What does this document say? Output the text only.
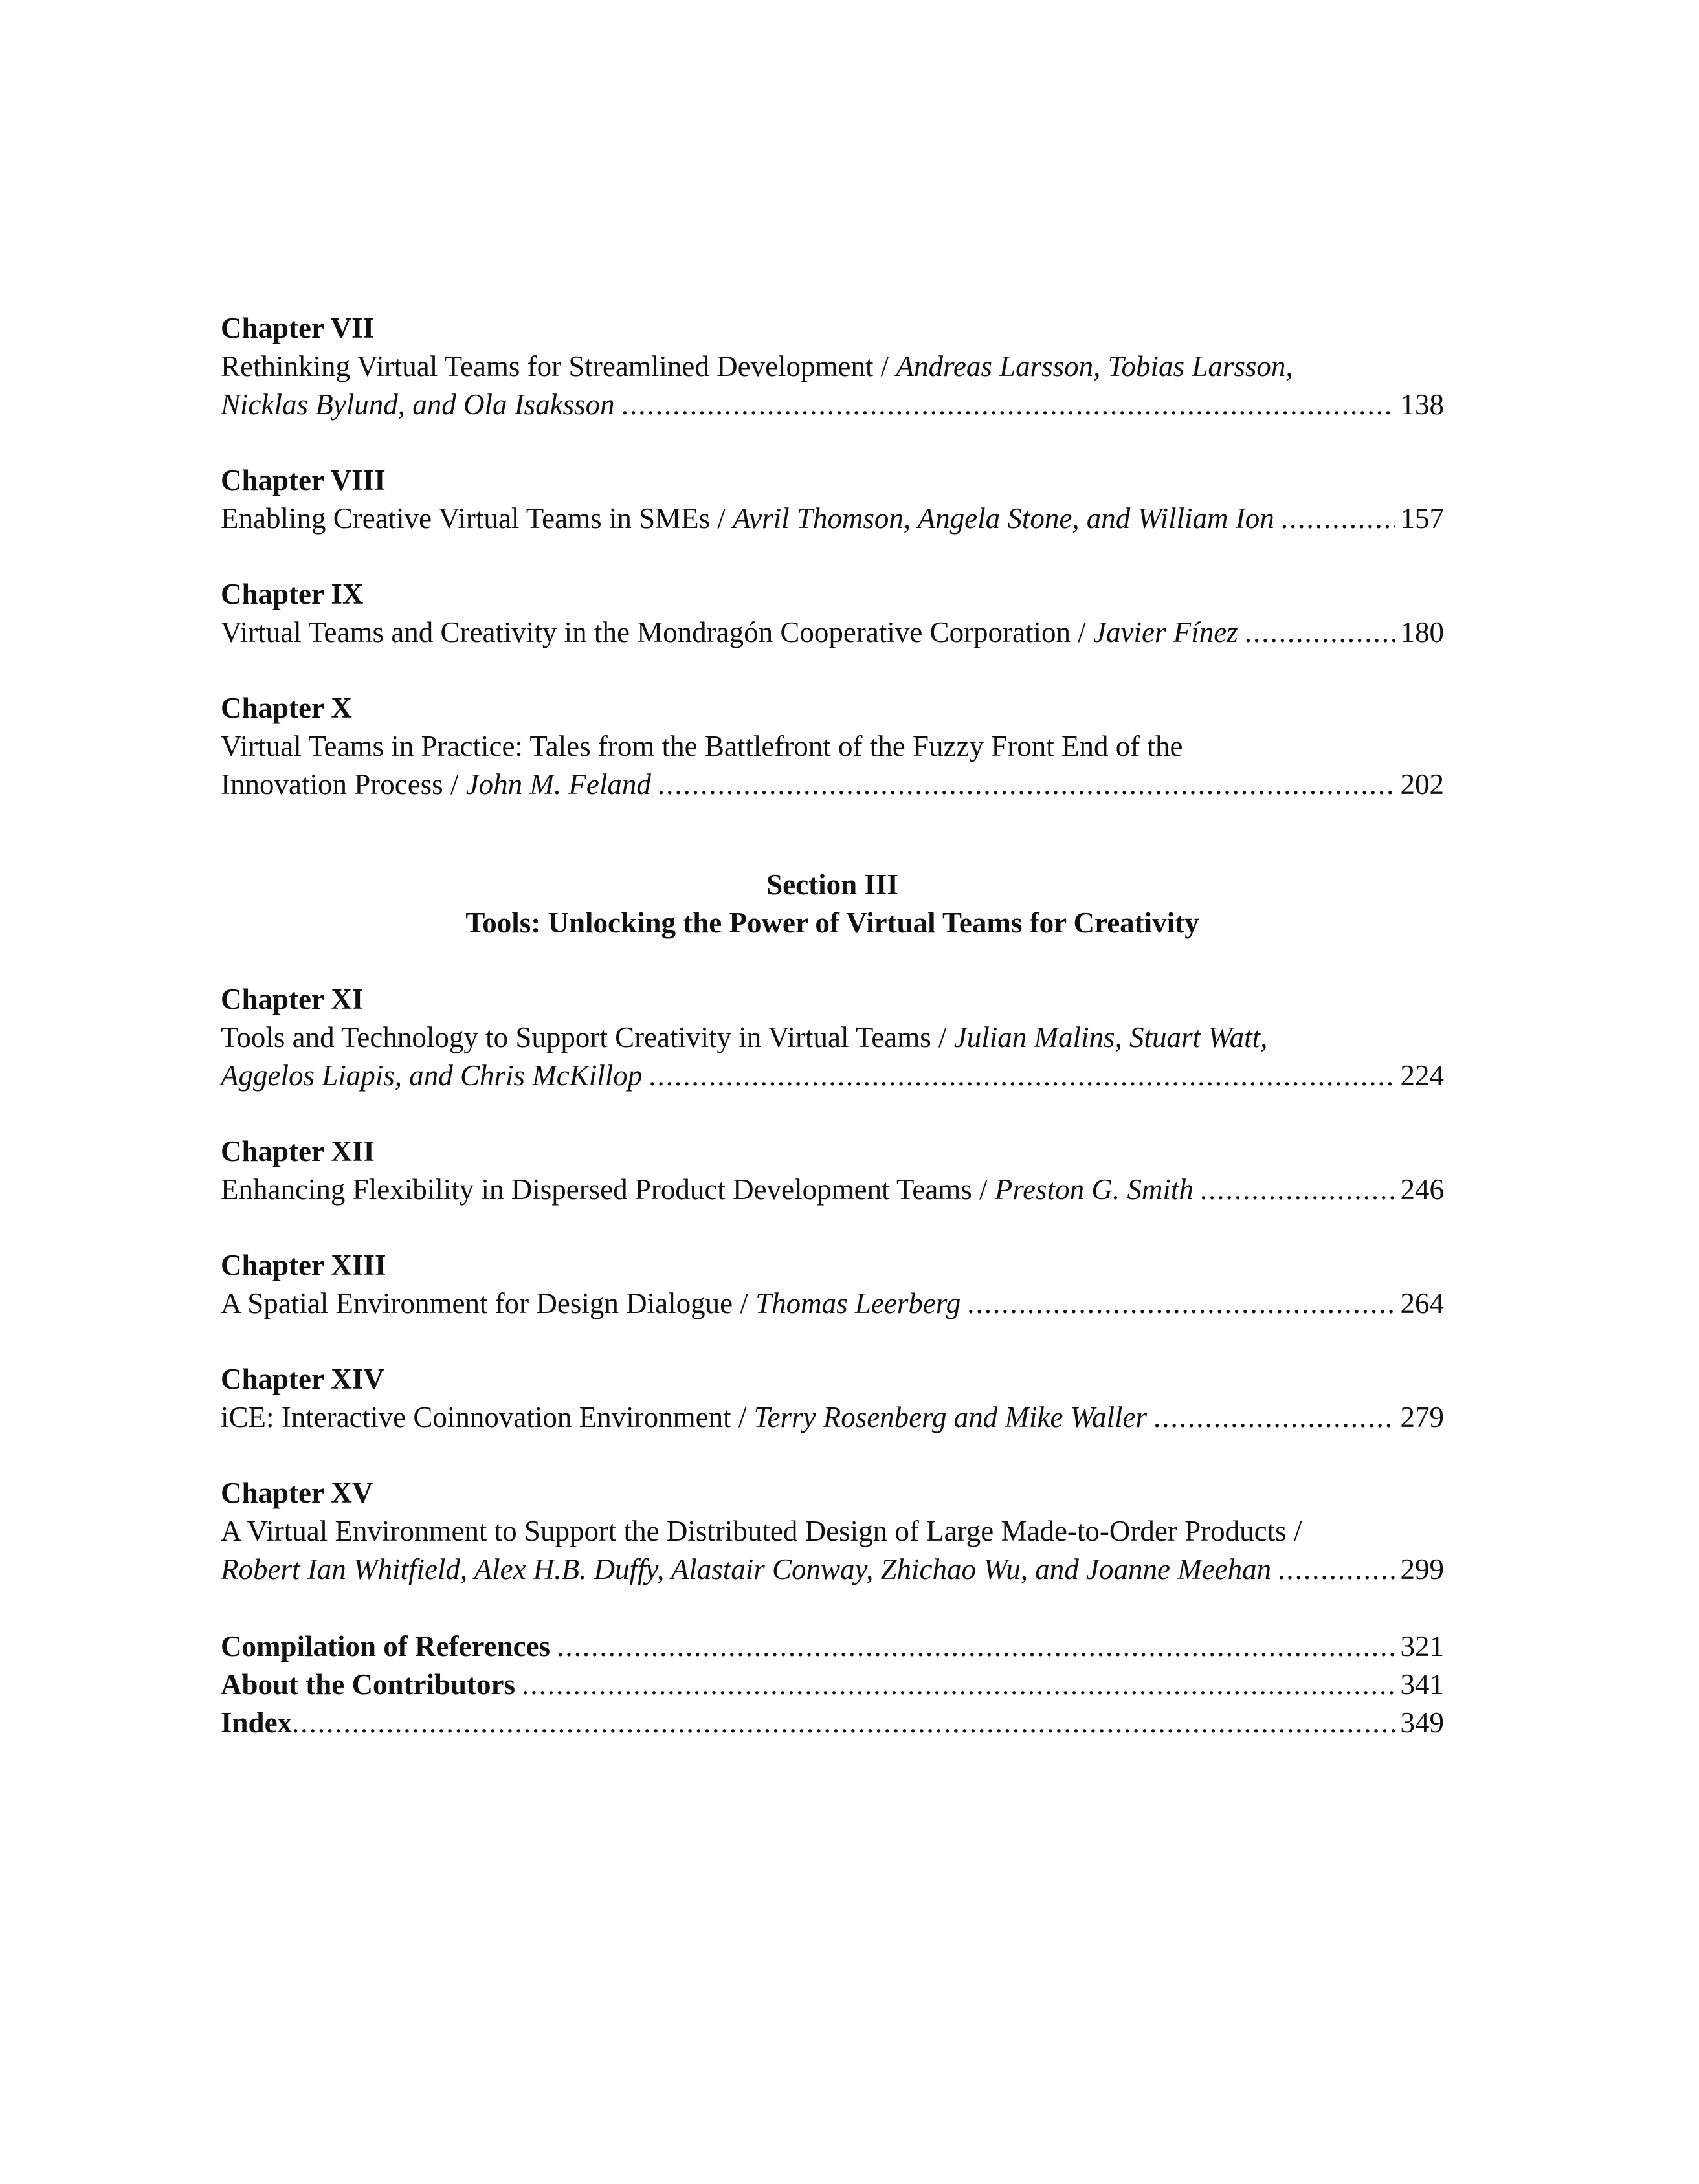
Chapter VII
Rethinking Virtual Teams for Streamlined Development / Andreas Larsson, Tobias Larsson,
Nicklas Bylund, and Ola Isaksson .....	138
Chapter VIII
Enabling Creative Virtual Teams in SMEs / Avril Thomson, Angela Stone, and William Ion .....	157
Chapter IX
Virtual Teams and Creativity in the Mondragón Cooperative Corporation / Javier Fínez .....	180
Chapter X
Virtual Teams in Practice: Tales from the Battlefront of the Fuzzy Front End of the
Innovation Process / John M. Feland .....	202
Section III
Tools: Unlocking the Power of Virtual Teams for Creativity
Chapter XI
Tools and Technology to Support Creativity in Virtual Teams / Julian Malins, Stuart Watt,
Aggelos Liapis, and Chris McKillop .....	224
Chapter XII
Enhancing Flexibility in Dispersed Product Development Teams / Preston G. Smith .....	246
Chapter XIII
A Spatial Environment for Design Dialogue / Thomas Leerberg .....	264
Chapter XIV
iCE: Interactive Coinnovation Environment / Terry Rosenberg and Mike Waller .....	279
Chapter XV
A Virtual Environment to Support the Distributed Design of Large Made-to-Order Products /
Robert Ian Whitfield, Alex H.B. Duffy, Alastair Conway, Zhichao Wu, and Joanne Meehan .....	299
Compilation of References .....	321
About the Contributors .....	341
Index .....	349
